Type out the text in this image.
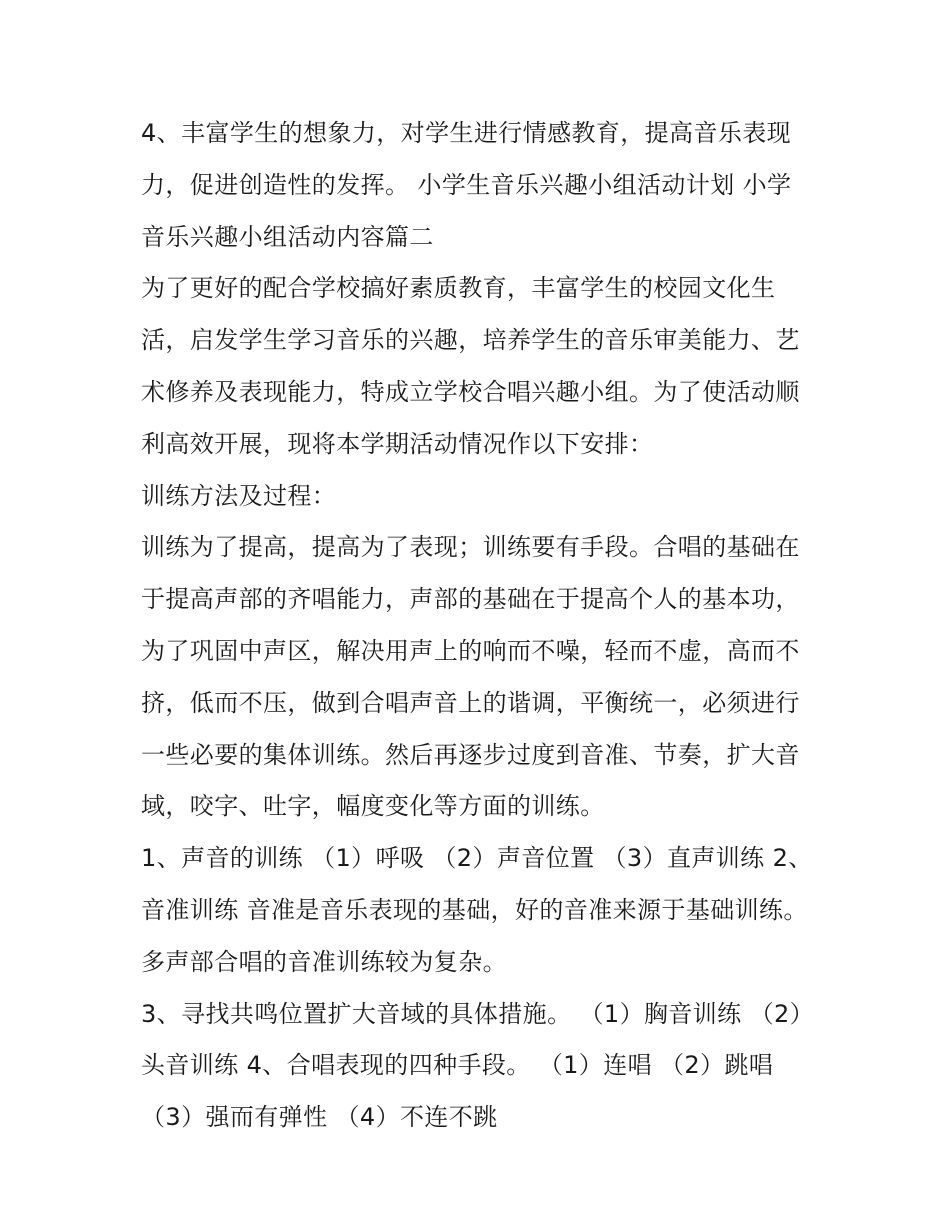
4、丰富学生的想象力，对学生进行情感教育，提高音乐表现力，促进创造性的发挥。 小学生音乐兴趣小组活动计划 小学音乐兴趣小组活动内容篇二

为了更好的配合学校搞好素质教育，丰富学生的校园文化生活，启发学生学习音乐的兴趣，培养学生的音乐审美能力、艺术修养及表现能力，特成立学校合唱兴趣小组。为了使活动顺利高效开展，现将本学期活动情况作以下安排：

训练方法及过程：

训练为了提高，提高为了表现；训练要有手段。合唱的基础在于提高声部的齐唱能力，声部的基础在于提高个人的基本功，为了巩固中声区，解决用声上的响而不噪，轻而不虚，高而不挤，低而不压，做到合唱声音上的谐调，平衡统一，必须进行一些必要的集体训练。然后再逐步过度到音准、节奏，扩大音域，咬字、吐字，幅度变化等方面的训练。

1、声音的训练 （1）呼吸 （2）声音位置 （3）直声训练 2、音准训练 音准是音乐表现的基础，好的音准来源于基础训练。多声部合唱的音准训练较为复杂。

3、寻找共鸣位置扩大音域的具体措施。 （1）胸音训练 （2）头音训练 4、合唱表现的四种手段。 （1）连唱 （2）跳唱 （3）强而有弹性 （4）不连不跳
